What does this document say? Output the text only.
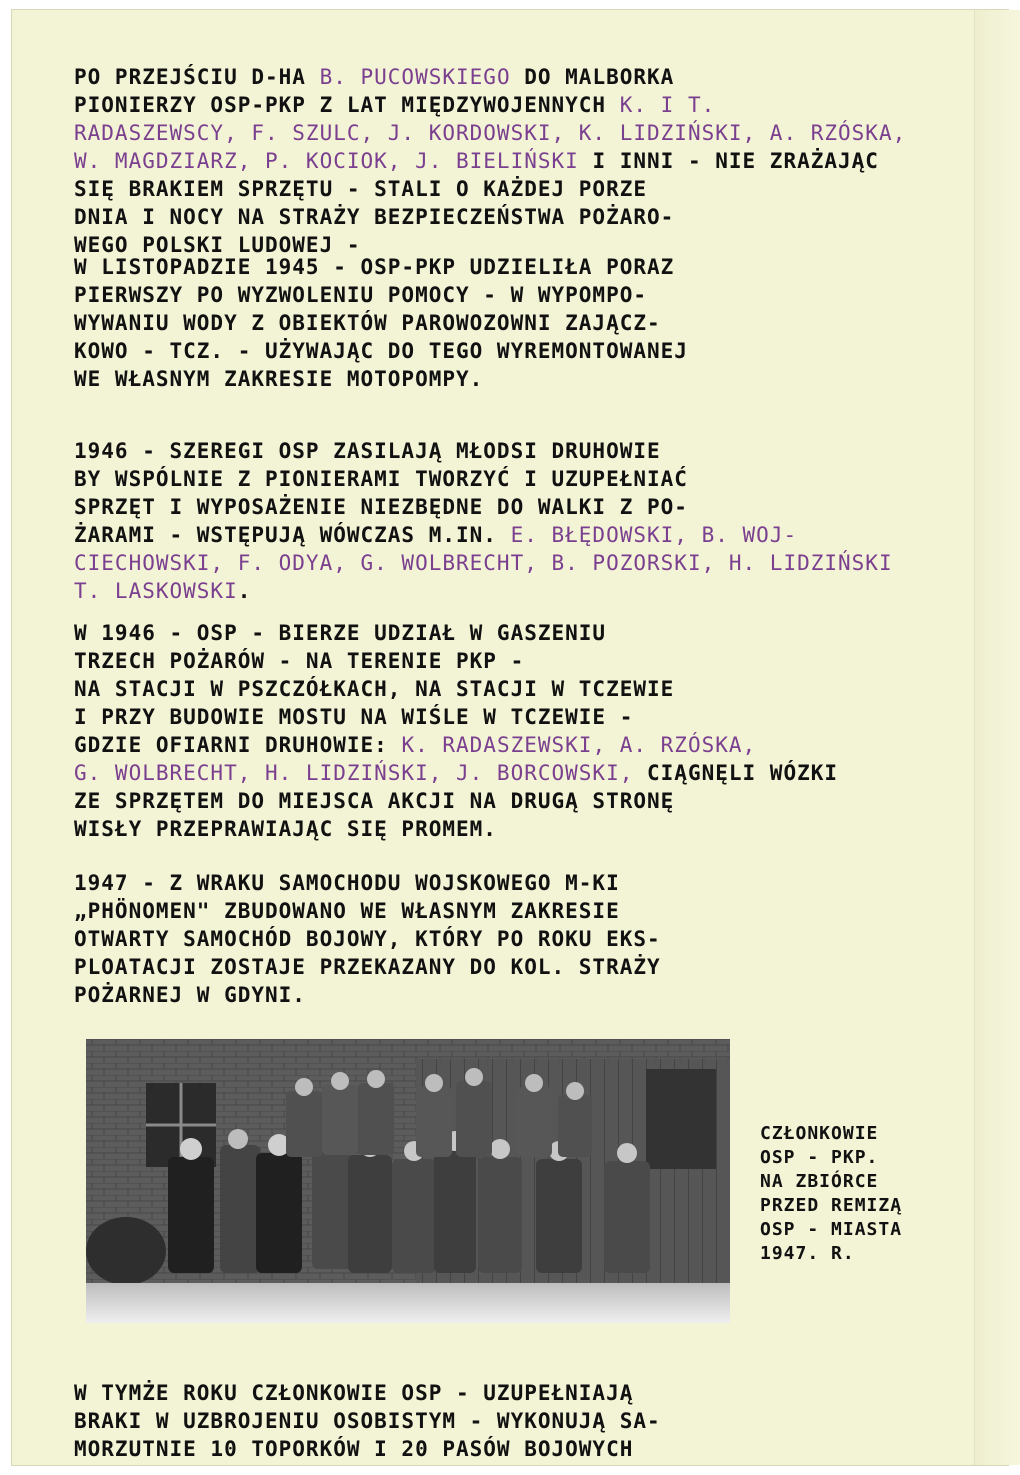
PO PRZEJŚCIU D-HA B. PUCOWSKIEGO DO MALBORKA
PIONIERZY OSP-PKP Z LAT MIĘDZYWOJENNYCH K. I T.
RADASZEWSCY, F. SZULC, J. KORDOWSKI, K. LIDZIŃSKI, A. RZÓSKA,
W. MAGDZIARZ, P. KOCIOK, J. BIELIŃSKI I INNI - NIE ZRAŻAJĄC
SIĘ BRAKIEM SPRZĘTU - STALI O KAŻDEJ PORZE
DNIA I NOCY NA STRAŻY BEZPIECZEŃSTWA POŻARO-
WEGO POLSKI LUDOWEJ -
W LISTOPADZIE 1945 - OSP-PKP UDZIELIŁA PORAZ
PIERWSZY PO WYZWOLENIU POMOCY - W WYPOMPO-
WYWANIU WODY Z OBIEKTÓW PAROWOZOWNI ZAJĄCZ-
KOWO - TCZ. - UŻYWAJĄC DO TEGO WYREMONTOWANEJ
WE WŁASNYM ZAKRESIE MOTOPOMPY.
1946 - SZEREGI OSP ZASILAJĄ MŁODSI DRUHOWIE
BY WSPÓLNIE Z PIONIERAMI TWORZYĆ I UZUPEŁNIAĆ
SPRZĘT I WYPOSAŻENIE NIEZBĘDNE DO WALKI Z PO-
ŻARAMI - WSTĘPUJĄ WÓWCZAS M.IN. E. BŁĘDOWSKI, B. WOJ-
CIECHOWSKI, F. ODYA, G. WOLBRECHT, B. POZORSKI, H. LIDZIŃSKI
T. LASKOWSKI.
W 1946 - OSP - BIERZE UDZIAŁ W GASZENIU
TRZECH POŻARÓW - NA TERENIE PKP -
NA STACJI W PSZCZÓŁKACH, NA STACJI W TCZEWIE
I PRZY BUDOWIE MOSTU NA WIŚLE W TCZEWIE -
GDZIE OFIARNI DRUHOWIE: K. RADASZEWSKI, A. RZÓSKA,
G. WOLBRECHT, H. LIDZIŃSKI, J. BORCOWSKI, CIĄGNĘLI WÓZKI
ZE SPRZĘTEM DO MIEJSCA AKCJI NA DRUGĄ STRONĘ
WISŁY PRZEPRAWIAJĄC SIĘ PROMEM.
1947 - Z WRAKU SAMOCHODU WOJSKOWEGO M-KI
„PHÖNOMEN" ZBUDOWANO WE WŁASNYM ZAKRESIE
OTWARTY SAMOCHÓD BOJOWY, KTÓRY PO ROKU EKS-
PLOATACJI ZOSTAJE PRZEKAZANY DO KOL. STRAŻY
POŻARNEJ W GDYNI.
CZŁONKOWIE
OSP - PKP.
NA ZBIÓRCE
PRZED REMIZĄ
OSP - MIASTA
1947. R.
W TYMŻE ROKU CZŁONKOWIE OSP - UZUPEŁNIAJĄ
BRAKI W UZBROJENIU OSOBISTYM - WYKONUJĄ SA-
MORZUTNIE 10 TOPORKÓW I 20 PASÓW BOJOWYCH
